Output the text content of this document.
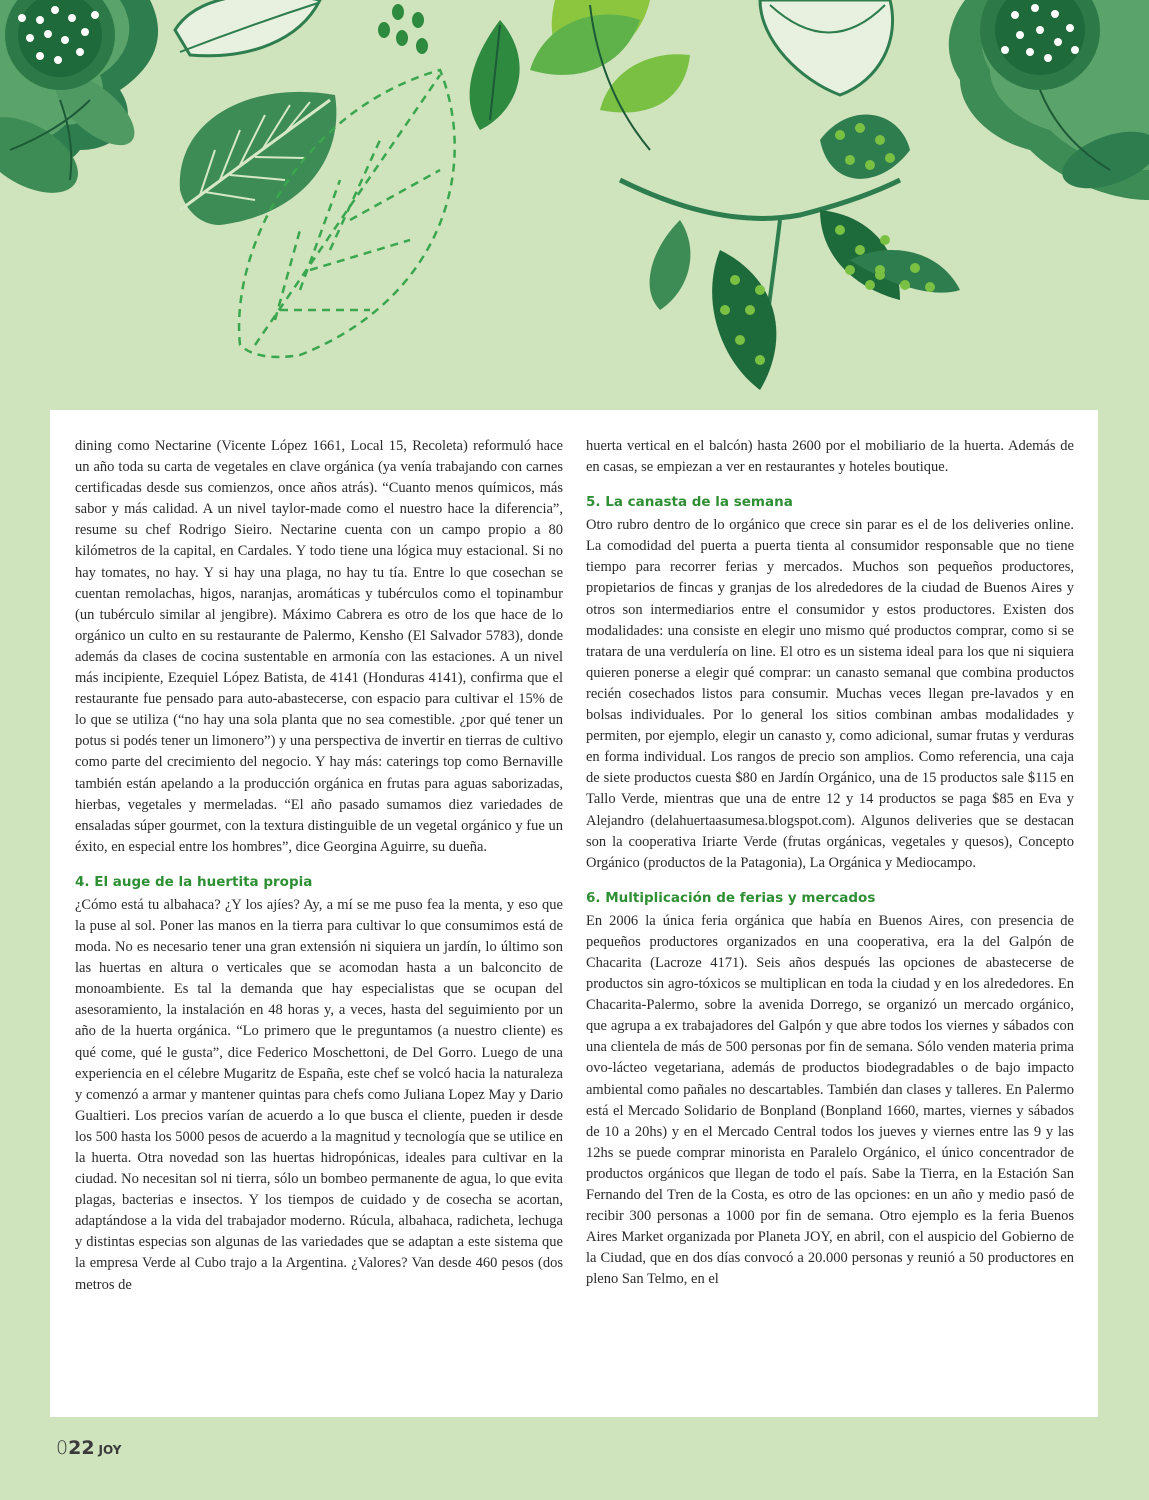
dining como Nectarine (Vicente López 1661, Local 15, Recoleta) reformuló hace un año toda su carta de vegetales en clave orgánica (ya venía trabajando con carnes certificadas desde sus comienzos, once años atrás). “Cuanto menos químicos, más sabor y más calidad. A un nivel taylor-made como el nuestro hace la diferencia”, resume su chef Rodrigo Sieiro. Nectarine cuenta con un campo propio a 80 kilómetros de la capital, en Cardales. Y todo tiene una lógica muy estacional. Si no hay tomates, no hay. Y si hay una plaga, no hay tu tía. Entre lo que cosechan se cuentan remolachas, higos, naranjas, aromáticas y tubérculos como el topinambur (un tubérculo similar al jengibre). Máximo Cabrera es otro de los que hace de lo orgánico un culto en su restaurante de Palermo, Kensho (El Salvador 5783), donde además da clases de cocina sustentable en armonía con las estaciones. A un nivel más incipiente, Ezequiel López Batista, de 4141 (Honduras 4141), confirma que el restaurante fue pensado para auto-abastecerse, con espacio para cultivar el 15% de lo que se utiliza (“no hay una sola planta que no sea comestible. ¿por qué tener un potus si podés tener un limonero”) y una perspectiva de invertir en tierras de cultivo como parte del crecimiento del negocio. Y hay más: caterings top como Bernaville también están apelando a la producción orgánica en frutas para aguas saborizadas, hierbas, vegetales y mermeladas. “El año pasado sumamos diez variedades de ensaladas súper gourmet, con la textura distinguible de un vegetal orgánico y fue un éxito, en especial entre los hombres”, dice Georgina Aguirre, su dueña.

4. El auge de la huertita propia

¿Cómo está tu albahaca? ¿Y los ajíes? Ay, a mí se me puso fea la menta, y eso que la puse al sol. Poner las manos en la tierra para cultivar lo que consumimos está de moda. No es necesario tener una gran extensión ni siquiera un jardín, lo último son las huertas en altura o verticales que se acomodan hasta a un balconcito de monoambiente. Es tal la demanda que hay especialistas que se ocupan del asesoramiento, la instalación en 48 horas y, a veces, hasta del seguimiento por un año de la huerta orgánica. “Lo primero que le preguntamos (a nuestro cliente) es qué come, qué le gusta”, dice Federico Moschettoni, de Del Gorro. Luego de una experiencia en el célebre Mugaritz de España, este chef se volcó hacia la naturaleza y comenzó a armar y mantener quintas para chefs como Juliana Lopez May y Dario Gualtieri. Los precios varían de acuerdo a lo que busca el cliente, pueden ir desde los 500 hasta los 5000 pesos de acuerdo a la magnitud y tecnología que se utilice en la huerta. Otra novedad son las huertas hidropónicas, ideales para cultivar en la ciudad. No necesitan sol ni tierra, sólo un bombeo permanente de agua, lo que evita plagas, bacterias e insectos. Y los tiempos de cuidado y de cosecha se acortan, adaptándose a la vida del trabajador moderno. Rúcula, albahaca, radicheta, lechuga y distintas especias son algunas de las variedades que se adaptan a este sistema que la empresa Verde al Cubo trajo a la Argentina. ¿Valores? Van desde 460 pesos (dos metros de

huerta vertical en el balcón) hasta 2600 por el mobiliario de la huerta. Además de en casas, se empiezan a ver en restaurantes y hoteles boutique.

5. La canasta de la semana

Otro rubro dentro de lo orgánico que crece sin parar es el de los deliveries online. La comodidad del puerta a puerta tienta al consumidor responsable que no tiene tiempo para recorrer ferias y mercados. Muchos son pequeños productores, propietarios de fincas y granjas de los alrededores de la ciudad de Buenos Aires y otros son intermediarios entre el consumidor y estos productores. Existen dos modalidades: una consiste en elegir uno mismo qué productos comprar, como si se tratara de una verdulería on line. El otro es un sistema ideal para los que ni siquiera quieren ponerse a elegir qué comprar: un canasto semanal que combina productos recién cosechados listos para consumir. Muchas veces llegan pre-lavados y en bolsas individuales. Por lo general los sitios combinan ambas modalidades y permiten, por ejemplo, elegir un canasto y, como adicional, sumar frutas y verduras en forma individual. Los rangos de precio son amplios. Como referencia, una caja de siete productos cuesta $80 en Jardín Orgánico, una de 15 productos sale $115 en Tallo Verde, mientras que una de entre 12 y 14 productos se paga $85 en Eva y Alejandro (delahuertaasumesa.blogspot.com). Algunos deliveries que se destacan son la cooperativa Iriarte Verde (frutas orgánicas, vegetales y quesos), Concepto Orgánico (productos de la Patagonia), La Orgánica y Mediocampo.

6. Multiplicación de ferias y mercados

En 2006 la única feria orgánica que había en Buenos Aires, con presencia de pequeños productores organizados en una cooperativa, era la del Galpón de Chacarita (Lacroze 4171). Seis años después las opciones de abastecerse de productos sin agro-tóxicos se multiplican en toda la ciudad y en los alrededores. En Chacarita-Palermo, sobre la avenida Dorrego, se organizó un mercado orgánico, que agrupa a ex trabajadores del Galpón y que abre todos los viernes y sábados con una clientela de más de 500 personas por fin de semana. Sólo venden materia prima ovo-lácteo vegetariana, además de productos biodegradables o de bajo impacto ambiental como pañales no descartables. También dan clases y talleres. En Palermo está el Mercado Solidario de Bonpland (Bonpland 1660, martes, viernes y sábados de 10 a 20hs) y en el Mercado Central todos los jueves y viernes entre las 9 y las 12hs se puede comprar minorista en Paralelo Orgánico, el único concentrador de productos orgánicos que llegan de todo el país. Sabe la Tierra, en la Estación San Fernando del Tren de la Costa, es otro de las opciones: en un año y medio pasó de recibir 300 personas a 1000 por fin de semana. Otro ejemplo es la feria Buenos Aires Market organizada por Planeta JOY, en abril, con el auspicio del Gobierno de la Ciudad, que en dos días convocó a 20.000 personas y reunió a 50 productores en pleno San Telmo, en el

022 JOY
